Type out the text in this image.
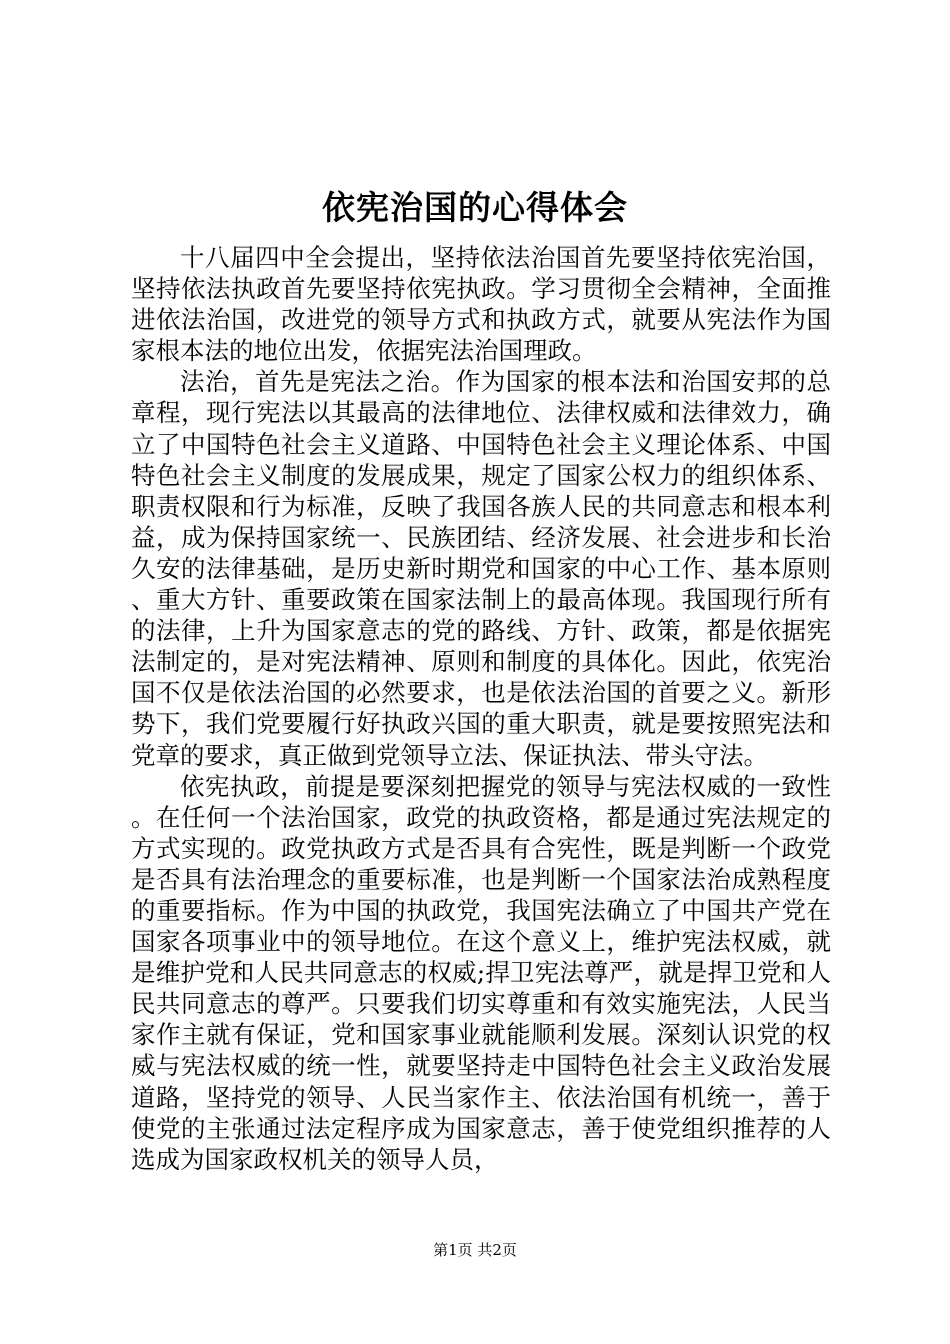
依宪治国的心得体会

十八届四中全会提出，坚持依法治国首先要坚持依宪治国，坚持依法执政首先要坚持依宪执政。学习贯彻全会精神，全面推进依法治国，改进党的领导方式和执政方式，就要从宪法作为国家根本法的地位出发，依据宪法治国理政。

法治，首先是宪法之治。作为国家的根本法和治国安邦的总章程，现行宪法以其最高的法律地位、法律权威和法律效力，确立了中国特色社会主义道路、中国特色社会主义理论体系、中国特色社会主义制度的发展成果，规定了国家公权力的组织体系、职责权限和行为标准，反映了我国各族人民的共同意志和根本利益，成为保持国家统一、民族团结、经济发展、社会进步和长治久安的法律基础，是历史新时期党和国家的中心工作、基本原则、重大方针、重要政策在国家法制上的最高体现。我国现行所有的法律，上升为国家意志的党的路线、方针、政策，都是依据宪法制定的，是对宪法精神、原则和制度的具体化。因此，依宪治国不仅是依法治国的必然要求，也是依法治国的首要之义。新形势下，我们党要履行好执政兴国的重大职责，就是要按照宪法和党章的要求，真正做到党领导立法、保证执法、带头守法。

依宪执政，前提是要深刻把握党的领导与宪法权威的一致性。在任何一个法治国家，政党的执政资格，都是通过宪法规定的方式实现的。政党执政方式是否具有合宪性，既是判断一个政党是否具有法治理念的重要标准，也是判断一个国家法治成熟程度的重要指标。作为中国的执政党，我国宪法确立了中国共产党在国家各项事业中的领导地位。在这个意义上，维护宪法权威，就是维护党和人民共同意志的权威;捍卫宪法尊严，就是捍卫党和人民共同意志的尊严。只要我们切实尊重和有效实施宪法，人民当家作主就有保证，党和国家事业就能顺利发展。深刻认识党的权威与宪法权威的统一性，就要坚持走中国特色社会主义政治发展道路，坚持党的领导、人民当家作主、依法治国有机统一，善于使党的主张通过法定程序成为国家意志，善于使党组织推荐的人选成为国家政权机关的领导人员，

第1页 共2页
